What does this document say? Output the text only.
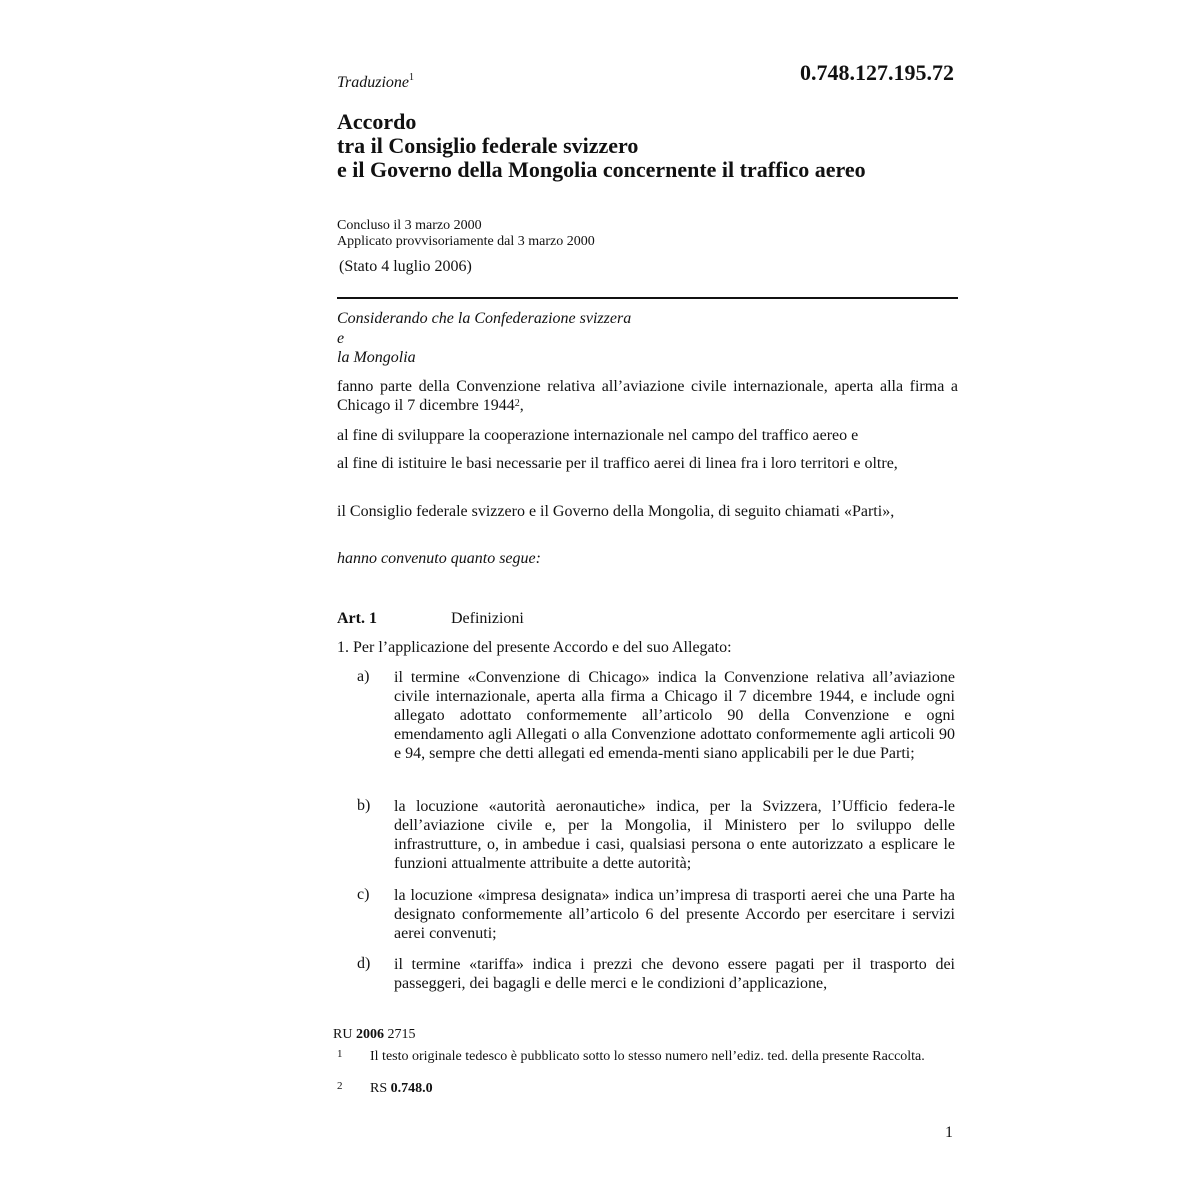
Traduzione$^1$	0.748.127.195.72
Accordo
tra il Consiglio federale svizzero
e il Governo della Mongolia concernente il traffico aereo
Concluso il 3 marzo 2000
Applicato provvisoriamente dal 3 marzo 2000
(Stato 4 luglio 2006)
Considerando che la Confederazione svizzera
e
la Mongolia
fanno parte della Convenzione relativa all’aviazione civile internazionale, aperta alla firma a Chicago il 7 dicembre 1944$^2$,
al fine di sviluppare la cooperazione internazionale nel campo del traffico aereo e
al fine di istituire le basi necessarie per il traffico aerei di linea fra i loro territori e oltre,
il Consiglio federale svizzero e il Governo della Mongolia, di seguito chiamati «Parti»,
hanno convenuto quanto segue:
Art. 1	Definizioni
1. Per l’applicazione del presente Accordo e del suo Allegato:
a) il termine «Convenzione di Chicago» indica la Convenzione relativa all’aviazione civile internazionale, aperta alla firma a Chicago il 7 dicembre 1944, e include ogni allegato adottato conformemente all’articolo 90 della Convenzione e ogni emendamento agli Allegati o alla Convenzione adottato conformemente agli articoli 90 e 94, sempre che detti allegati ed emenda-menti siano applicabili per le due Parti;
b) la locuzione «autorità aeronautiche» indica, per la Svizzera, l’Ufficio federa-le dell’aviazione civile e, per la Mongolia, il Ministero per lo sviluppo delle infrastrutture, o, in ambedue i casi, qualsiasi persona o ente autorizzato a esplicare le funzioni attualmente attribuite a dette autorità;
c) la locuzione «impresa designata» indica un’impresa di trasporti aerei che una Parte ha designato conformemente all’articolo 6 del presente Accordo per esercitare i servizi aerei convenuti;
d) il termine «tariffa» indica i prezzi che devono essere pagati per il trasporto dei passeggeri, dei bagagli e delle merci e le condizioni d’applicazione,
RU 2006 2715
1 Il testo originale tedesco è pubblicato sotto lo stesso numero nell’ediz. ted. della presente Raccolta.
2 RS 0.748.0
1
